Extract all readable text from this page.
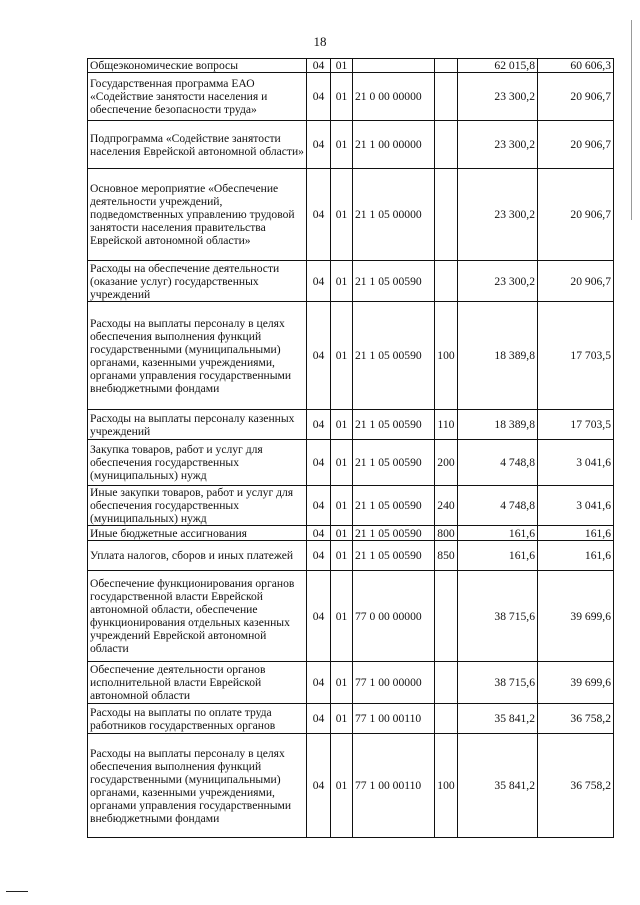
18
Общеэкономические вопросы	04	01			62 015,8	60 606,3
Государственная программа ЕАО «Содействие занятости населения и обеспечение безопасности труда»	04	01	21 0 00 00000		23 300,2	20 906,7
Подпрограмма «Содействие занятости населения Еврейской автономной области»	04	01	21 1 00 00000		23 300,2	20 906,7
Основное мероприятие «Обеспечение деятельности учреждений, подведомственных управлению трудовой занятости населения правительства Еврейской автономной области»	04	01	21 1 05 00000		23 300,2	20 906,7
Расходы на обеспечение деятельности (оказание услуг) государственных учреждений	04	01	21 1 05 00590		23 300,2	20 906,7
Расходы на выплаты персоналу в целях обеспечения выполнения функций государственными (муниципальными) органами, казенными учреждениями, органами управления государственными внебюджетными фондами	04	01	21 1 05 00590	100	18 389,8	17 703,5
Расходы на выплаты персоналу казенных учреждений	04	01	21 1 05 00590	110	18 389,8	17 703,5
Закупка товаров, работ и услуг для обеспечения государственных (муниципальных) нужд	04	01	21 1 05 00590	200	4 748,8	3 041,6
Иные закупки товаров, работ и услуг для обеспечения государственных (муниципальных) нужд	04	01	21 1 05 00590	240	4 748,8	3 041,6
Иные бюджетные ассигнования	04	01	21 1 05 00590	800	161,6	161,6
Уплата налогов, сборов и иных платежей	04	01	21 1 05 00590	850	161,6	161,6
Обеспечение функционирования органов государственной власти Еврейской автономной области, обеспечение функционирования отдельных казенных учреждений Еврейской автономной области	04	01	77 0 00 00000		38 715,6	39 699,6
Обеспечение деятельности органов исполнительной власти Еврейской автономной области	04	01	77 1 00 00000		38 715,6	39 699,6
Расходы на выплаты по оплате труда работников государственных органов	04	01	77 1 00 00110		35 841,2	36 758,2
Расходы на выплаты персоналу в целях обеспечения выполнения функций государственными (муниципальными) органами, казенными учреждениями, органами управления государственными внебюджетными фондами	04	01	77 1 00 00110	100	35 841,2	36 758,2
